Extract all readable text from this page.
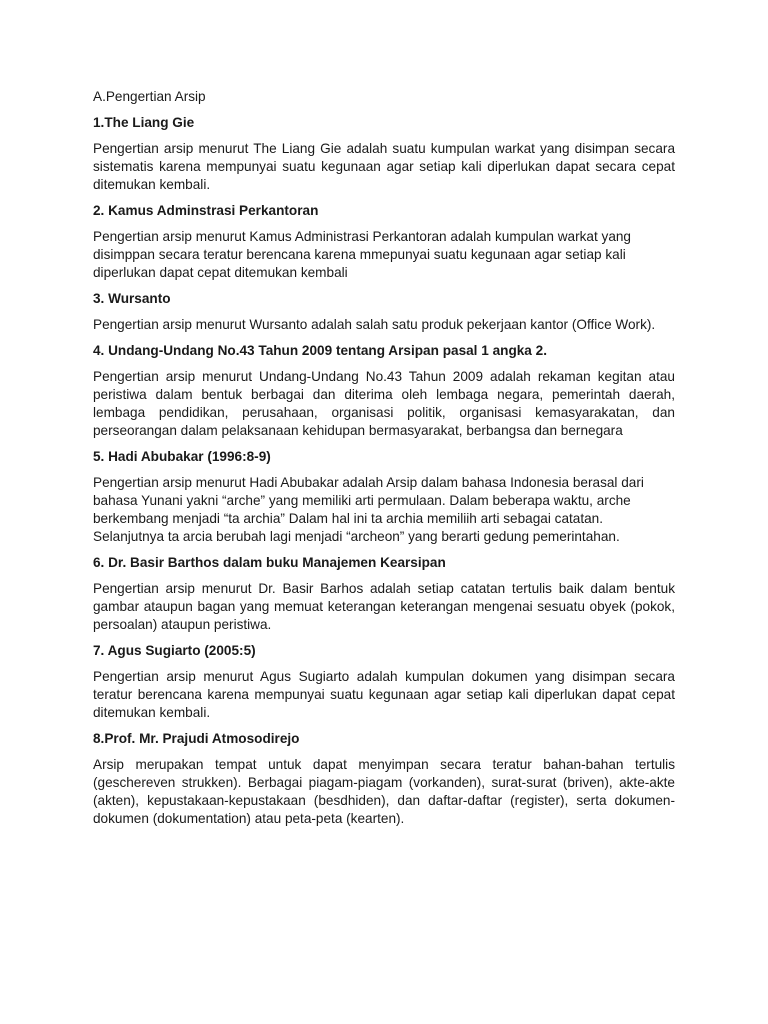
A.Pengertian Arsip

1.The Liang Gie

Pengertian arsip menurut The Liang Gie adalah suatu kumpulan warkat yang disimpan secara sistematis karena mempunyai suatu kegunaan agar setiap kali diperlukan dapat secara cepat ditemukan kembali.

2. Kamus Adminstrasi Perkantoran

Pengertian arsip menurut Kamus Administrasi Perkantoran adalah kumpulan warkat yang disimppan secara teratur berencana karena mmepunyai suatu kegunaan agar setiap kali diperlukan dapat cepat ditemukan kembali

3. Wursanto

Pengertian arsip menurut Wursanto adalah salah satu produk pekerjaan kantor (Office Work).

4. Undang-Undang No.43 Tahun 2009 tentang Arsipan pasal 1 angka 2.

Pengertian arsip menurut Undang-Undang No.43 Tahun 2009 adalah rekaman kegitan atau peristiwa dalam bentuk berbagai dan diterima oleh lembaga negara, pemerintah daerah, lembaga pendidikan, perusahaan, organisasi politik, organisasi kemasyarakatan, dan perseorangan dalam pelaksanaan kehidupan bermasyarakat, berbangsa dan bernegara

5. Hadi Abubakar (1996:8-9)

Pengertian arsip menurut Hadi Abubakar adalah Arsip dalam bahasa Indonesia berasal dari bahasa Yunani yakni “arche” yang memiliki arti permulaan. Dalam beberapa waktu, arche berkembang menjadi “ta archia” Dalam hal ini ta archia memiliih arti sebagai catatan. Selanjutnya ta arcia berubah lagi menjadi “archeon” yang berarti gedung pemerintahan.

6. Dr. Basir Barthos dalam buku Manajemen Kearsipan

Pengertian arsip menurut Dr. Basir Barhos adalah setiap catatan tertulis baik dalam bentuk gambar ataupun bagan yang memuat keterangan keterangan mengenai sesuatu obyek (pokok, persoalan) ataupun peristiwa.

7. Agus Sugiarto (2005:5)

Pengertian arsip menurut Agus Sugiarto adalah kumpulan dokumen yang disimpan secara teratur berencana karena mempunyai suatu kegunaan agar setiap kali diperlukan dapat cepat ditemukan kembali.

8.Prof. Mr. Prajudi Atmosodirejo

Arsip merupakan tempat untuk dapat menyimpan secara teratur bahan-bahan tertulis (geschereven strukken). Berbagai piagam-piagam (vorkanden), surat-surat (briven), akte-akte (akten), kepustakaan-kepustakaan (besdhiden), dan daftar-daftar (register), serta dokumen-dokumen (dokumentation) atau peta-peta (kearten).
